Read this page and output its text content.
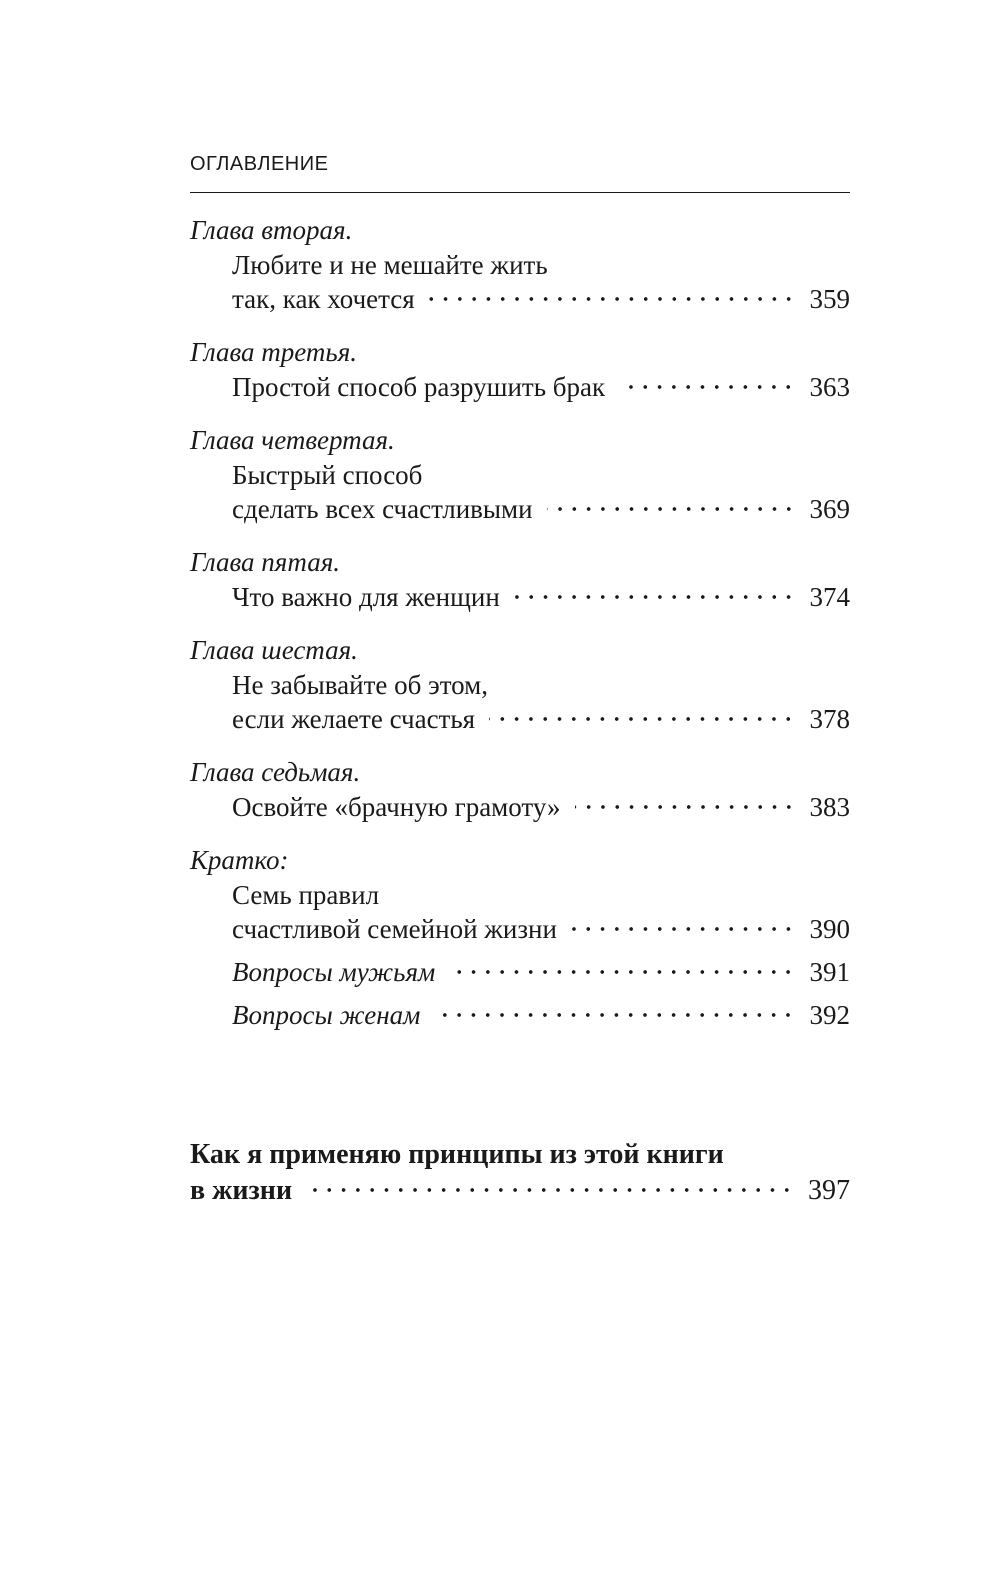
ОГЛАВЛЕНИЕ
Глава вторая.
Любите и не мешайте жить
так, как хочется	359
Глава третья.
Простой способ разрушить брак	363
Глава четвертая.
Быстрый способ
сделать всех счастливыми	369
Глава пятая.
Что важно для женщин	374
Глава шестая.
Не забывайте об этом,
если желаете счастья	378
Глава седьмая.
Освойте «брачную грамоту»	383
Кратко:
Семь правил
счастливой семейной жизни	390
Вопросы мужьям	391
Вопросы женам	392
Как я применяю принципы из этой книги
в жизни	397
